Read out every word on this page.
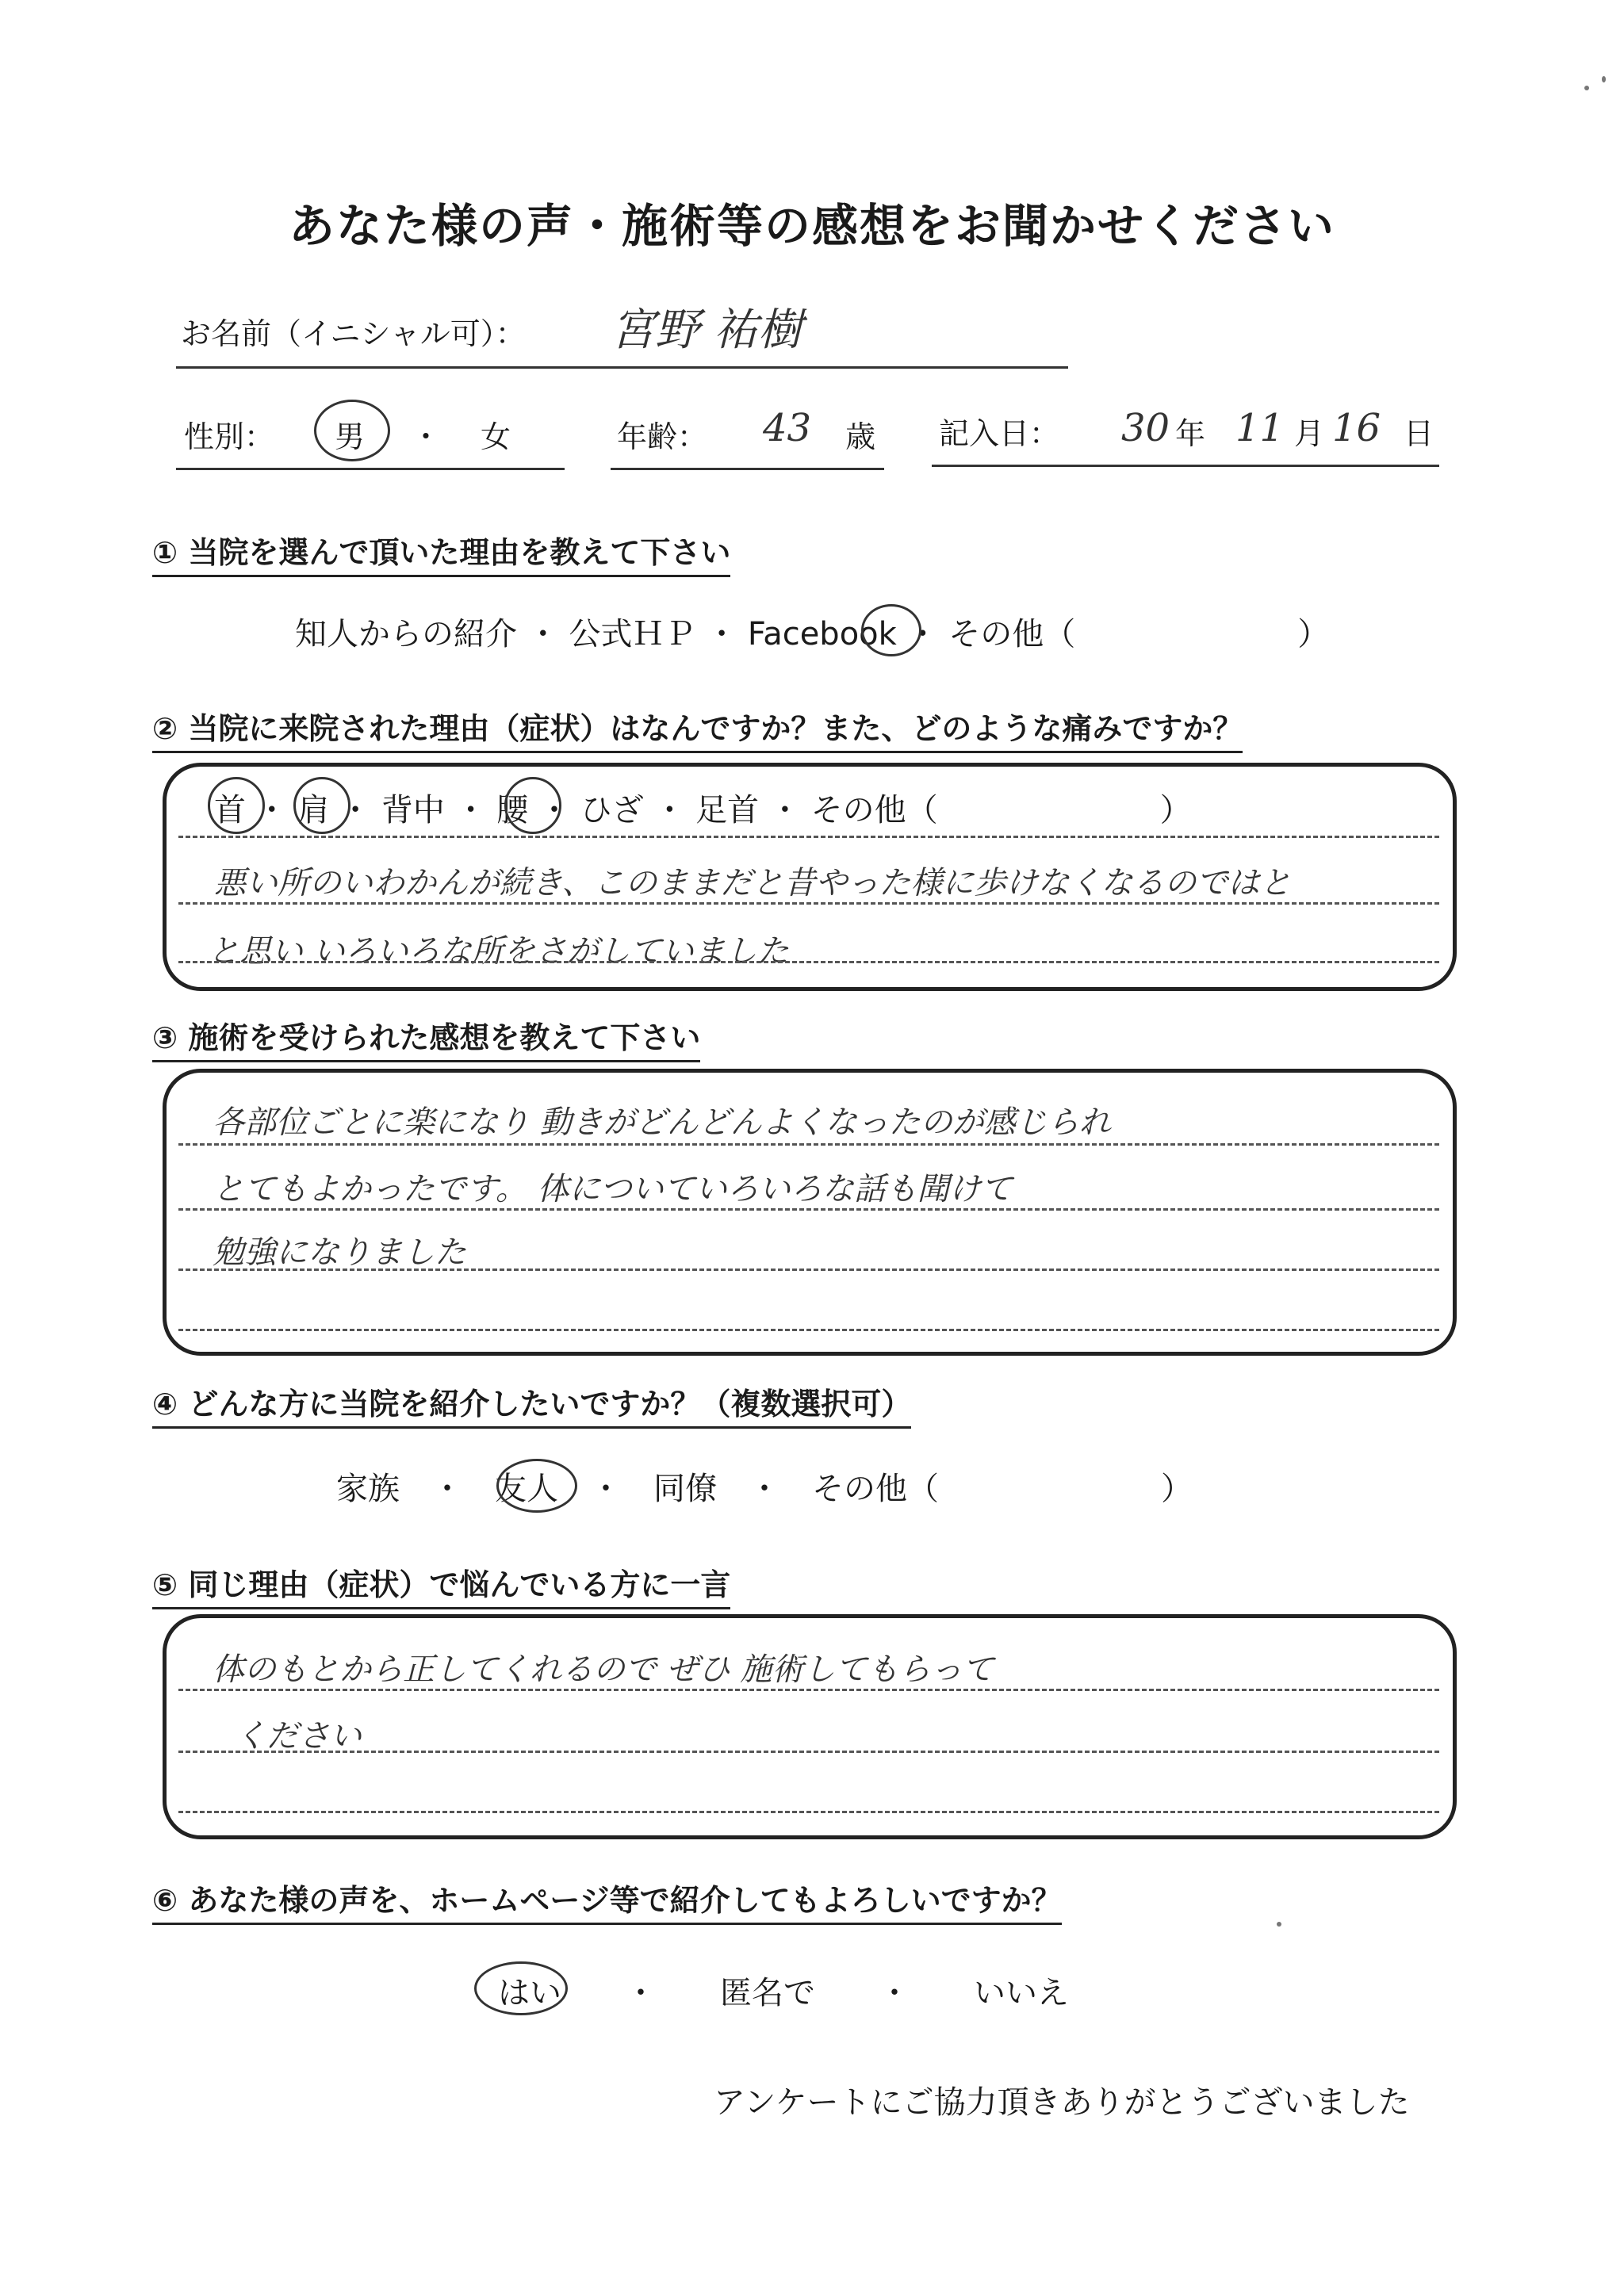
あなた様の声・施術等の感想をお聞かせください
お名前（イニシャル可）： 宮野 祐樹
性別： 男 ・ 女	年齢： 43 歳 記入日： 30 年 11 月 16 日
① 当院を選んで頂いた理由を教えて下さい
知人からの紹介 ・ 公式ＨＰ ・ Facebook ・ その他（　　　　　　　）
② 当院に来院された理由（症状）はなんですか？また、どのような痛みですか？
首 ・ 肩 ・ 背中 ・ 腰 ・ ひざ ・ 足首 ・ その他（　　　　　　　）
悪い所のいわかんが続き、このままだと昔やった様に歩けなくなるのではと
と思い いろいろな所をさがしていました
③ 施術を受けられた感想を教えて下さい
各部位ごとに楽になり 動きがどんどんよくなったのが感じられ
とてもよかったです。 体についていろいろな話も聞けて
勉強になりました
④ どんな方に当院を紹介したいですか？（複数選択可）
家族　・　友人　・　同僚　・　その他（　　　　　　　）
⑤ 同じ理由（症状）で悩んでいる方に一言
体のもとから正してくれるので ぜひ 施術してもらって
ください
⑥ あなた様の声を、ホームページ等で紹介してもよろしいですか？
はい　　・　　匿名で　　・　　いいえ
アンケートにご協力頂きありがとうございました
